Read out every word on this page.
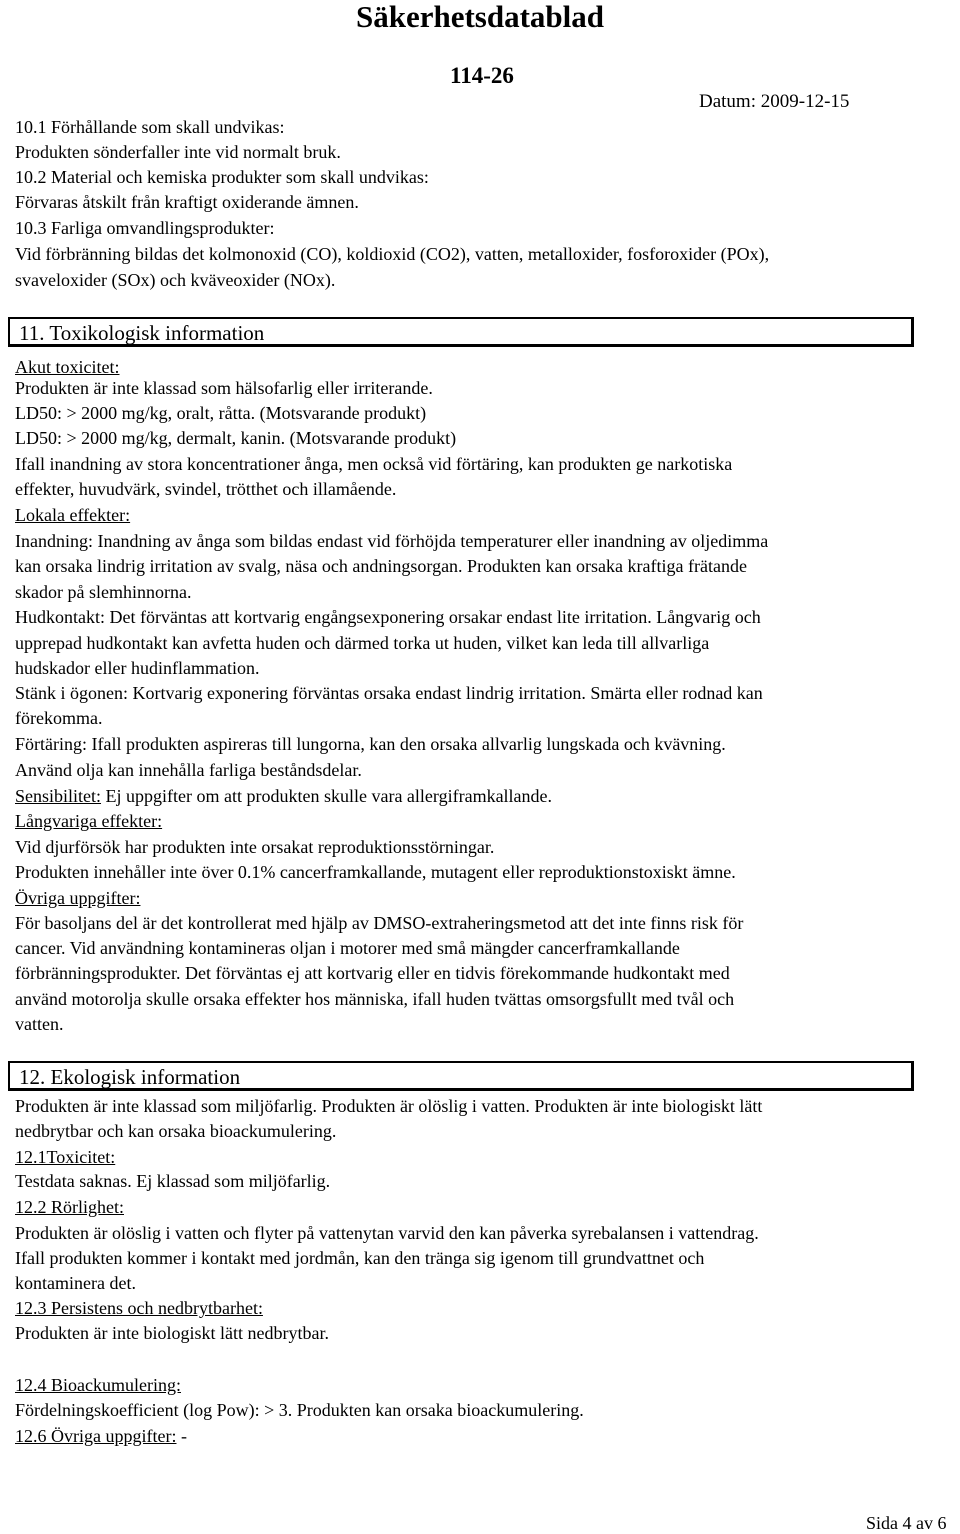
Säkerhetsdatablad
114-26
Datum: 2009-12-15
10.1 Förhållande som skall undvikas:
Produkten sönderfaller inte vid normalt bruk.
10.2 Material och kemiska produkter som skall undvikas:
Förvaras åtskilt från kraftigt oxiderande ämnen.
10.3 Farliga omvandlingsprodukter:
Vid förbränning bildas det kolmonoxid (CO), koldioxid (CO2), vatten, metalloxider, fosforoxider (POx),
svaveloxider (SOx) och kväveoxider (NOx).
11. Toxikologisk information
Akut toxicitet:
Produkten är inte klassad som hälsofarlig eller irriterande.
LD50: > 2000 mg/kg, oralt, råtta. (Motsvarande produkt)
LD50: > 2000 mg/kg, dermalt, kanin. (Motsvarande produkt)
Ifall inandning av stora koncentrationer ånga, men också vid förtäring, kan produkten ge narkotiska
effekter, huvudvärk, svindel, trötthet och illamående.
Lokala effekter:
Inandning: Inandning av ånga som bildas endast vid förhöjda temperaturer eller inandning av oljedimma
kan orsaka lindrig irritation av svalg, näsa och andningsorgan. Produkten kan orsaka kraftiga frätande
skador på slemhinnorna.
Hudkontakt: Det förväntas att kortvarig engångsexponering orsakar endast lite irritation. Långvarig och
upprepad hudkontakt kan avfetta huden och därmed torka ut huden, vilket kan leda till allvarliga
hudskador eller hudinflammation.
Stänk i ögonen: Kortvarig exponering förväntas orsaka endast lindrig irritation. Smärta eller rodnad kan
förekomma.
Förtäring: Ifall produkten aspireras till lungorna, kan den orsaka allvarlig lungskada och kvävning.
Använd olja kan innehålla farliga beståndsdelar.
Sensibilitet: Ej uppgifter om att produkten skulle vara allergiframkallande.
Långvariga effekter:
Vid djurförsök har produkten inte orsakat reproduktionsstörningar.
Produkten innehåller inte över 0.1% cancerframkallande, mutagent eller reproduktionstoxiskt ämne.
Övriga uppgifter:
För basoljans del är det kontrollerat med hjälp av DMSO-extraheringsmetod att det inte finns risk för
cancer. Vid användning kontamineras oljan i motorer med små mängder cancerframkallande
förbränningsprodukter. Det förväntas ej att kortvarig eller en tidvis förekommande hudkontakt med
använd motorolja skulle orsaka effekter hos människa, ifall huden tvättas omsorgsfullt med tvål och
vatten.
12. Ekologisk information
Produkten är inte klassad som miljöfarlig. Produkten är olöslig i vatten. Produkten är inte biologiskt lätt
nedbrytbar och kan orsaka bioackumulering.
12.1Toxicitet:
Testdata saknas. Ej klassad som miljöfarlig.
12.2 Rörlighet:
Produkten är olöslig i vatten och flyter på vattenytan varvid den kan påverka syrebalansen i vattendrag.
Ifall produkten kommer i kontakt med jordmån, kan den tränga sig igenom till grundvattnet och
kontaminera det.
12.3 Persistens och nedbrytbarhet:
Produkten är inte biologiskt lätt nedbrytbar.
12.4 Bioackumulering:
Fördelningskoefficient (log Pow): > 3. Produkten kan orsaka bioackumulering.
12.6 Övriga uppgifter: -
Sida 4 av 6
